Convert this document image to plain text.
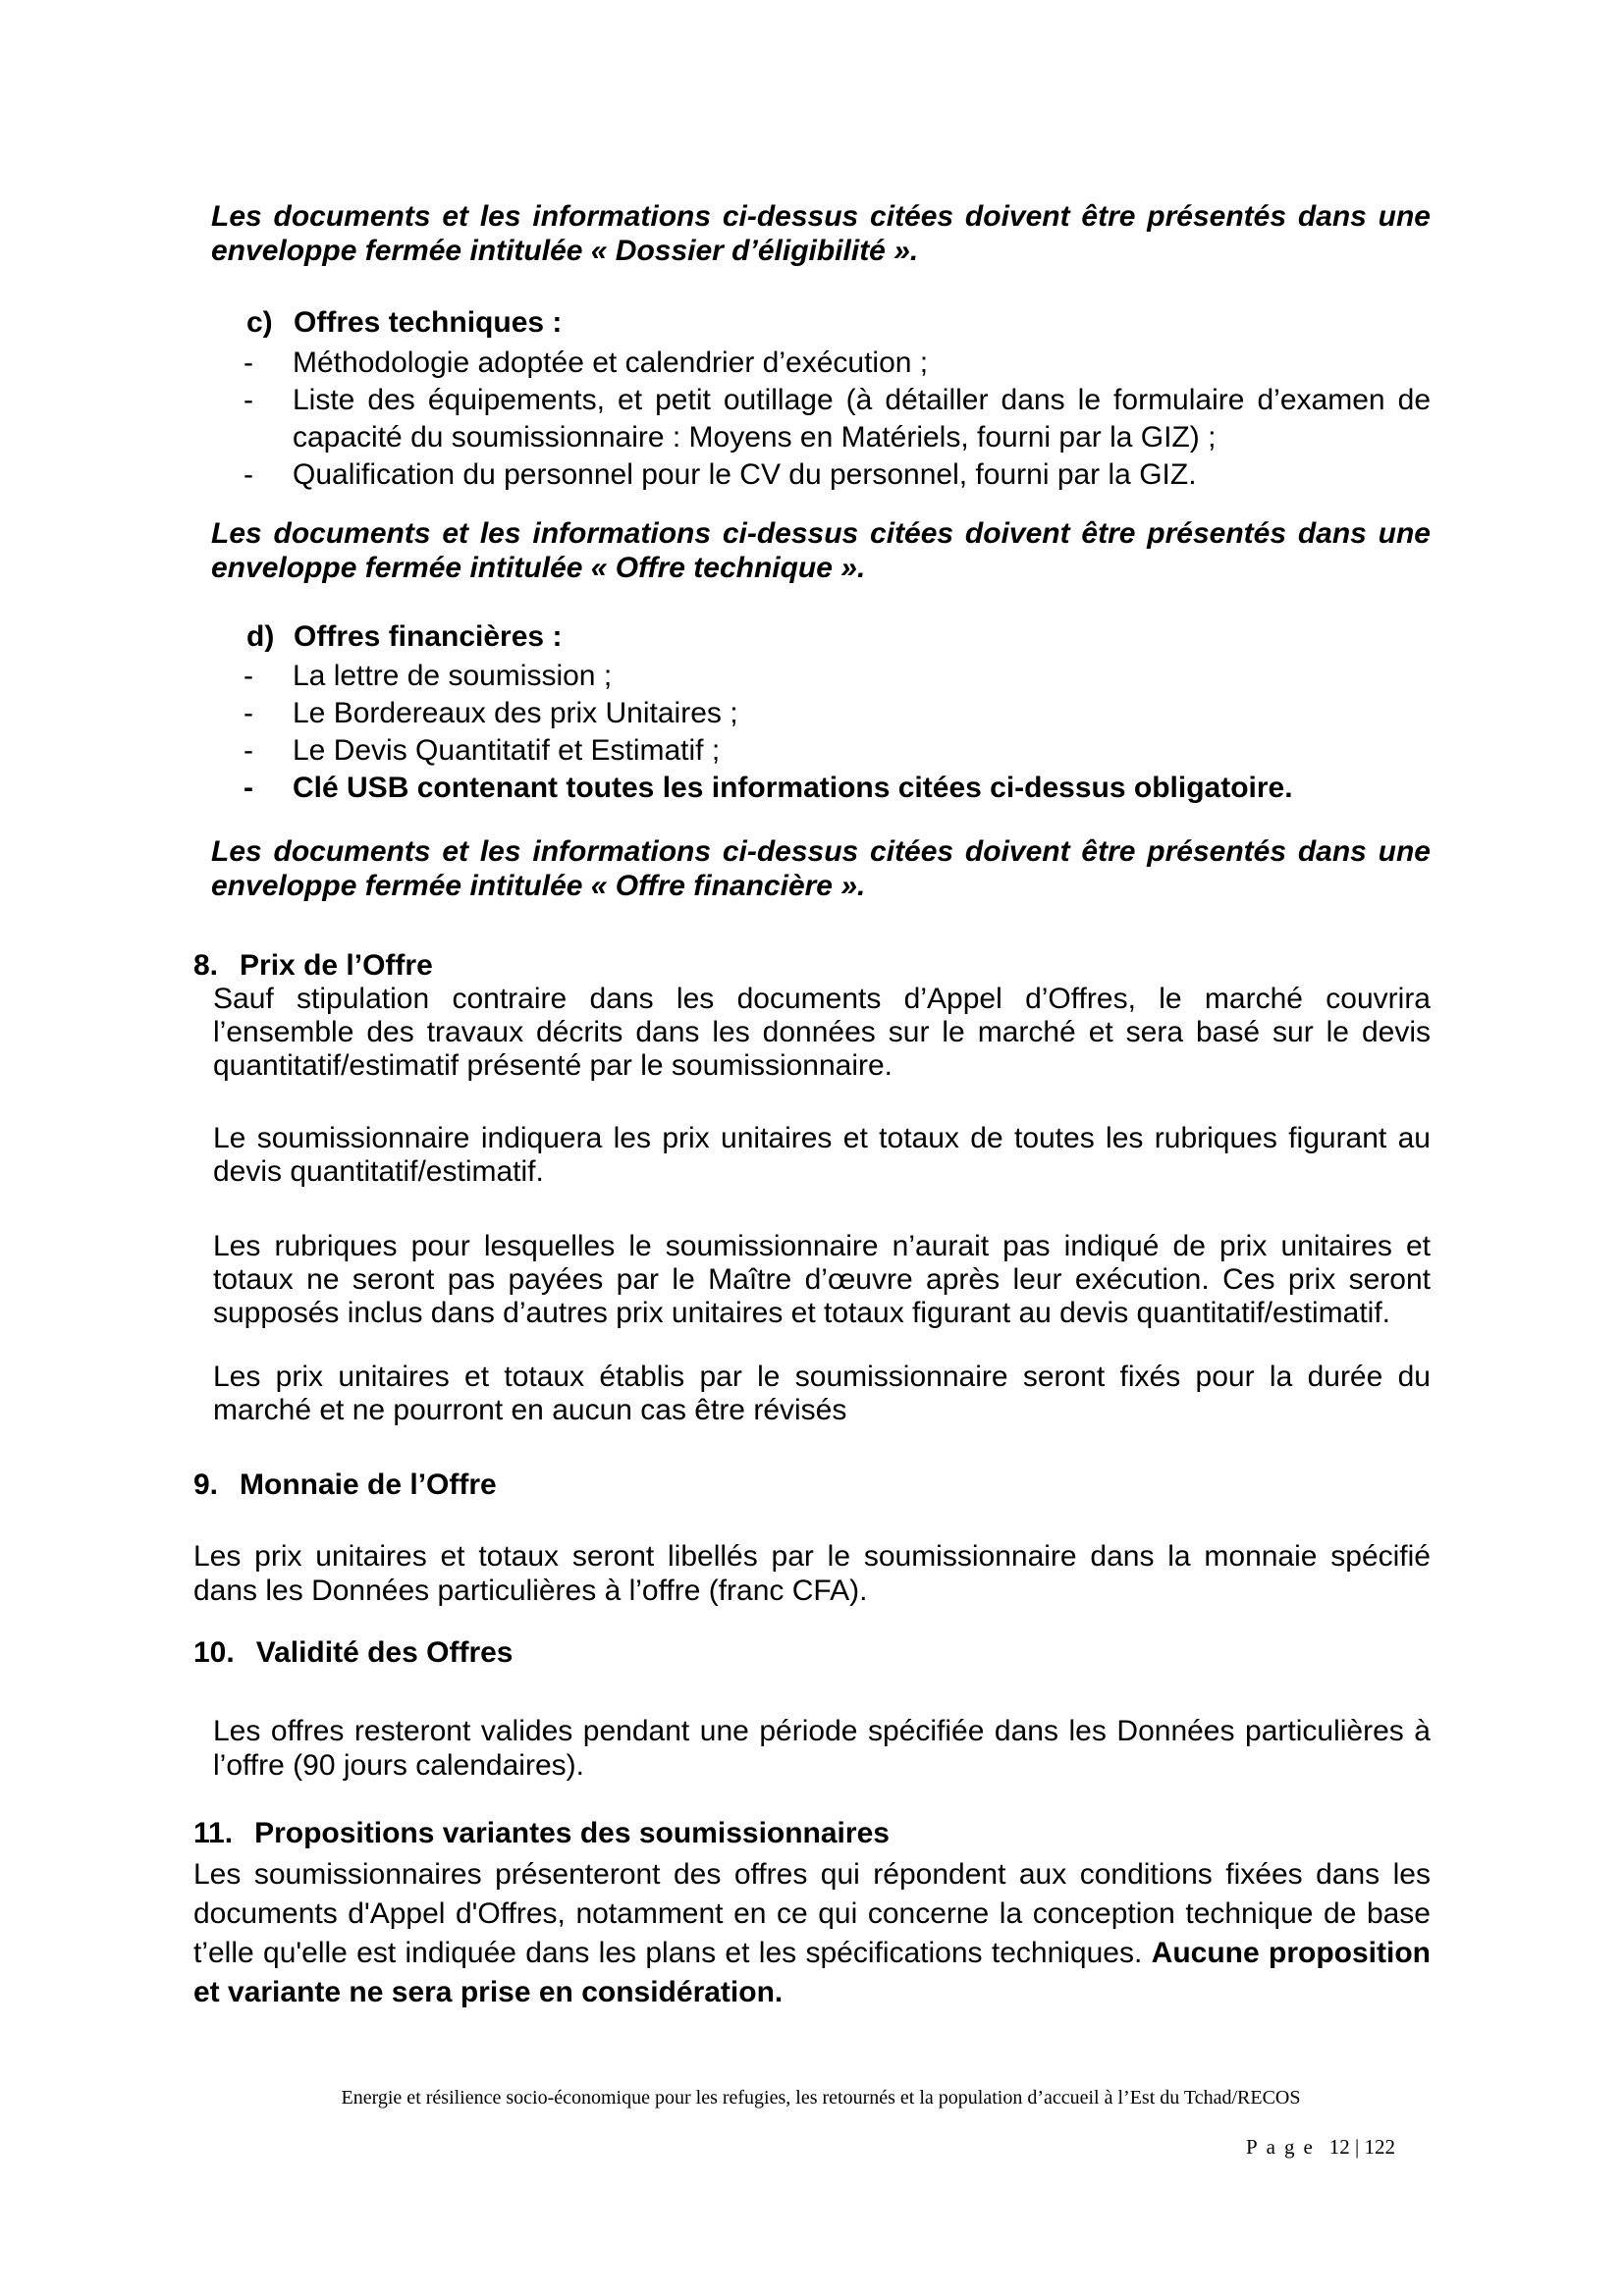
Les documents et les informations ci-dessus citées doivent être présentés dans une enveloppe fermée intitulée « Dossier d’éligibilité ».

c) Offres techniques :
- Méthodologie adoptée et calendrier d’exécution ;
- Liste des équipements, et petit outillage (à détailler dans le formulaire d’examen de capacité du soumissionnaire : Moyens en Matériels, fourni par la GIZ) ;
- Qualification du personnel pour le CV du personnel, fourni par la GIZ.

Les documents et les informations ci-dessus citées doivent être présentés dans une enveloppe fermée intitulée « Offre technique ».

d) Offres financières :
- La lettre de soumission ;
- Le Bordereaux des prix Unitaires ;
- Le Devis Quantitatif et Estimatif ;
- Clé USB contenant toutes les informations citées ci-dessus obligatoire.

Les documents et les informations ci-dessus citées doivent être présentés dans une enveloppe fermée intitulée « Offre financière ».

8. Prix de l’Offre

Sauf stipulation contraire dans les documents d’Appel d’Offres, le marché couvrira l’ensemble des travaux décrits dans les données sur le marché et sera basé sur le devis quantitatif/estimatif présenté par le soumissionnaire.

Le soumissionnaire indiquera les prix unitaires et totaux de toutes les rubriques figurant au devis quantitatif/estimatif.

Les rubriques pour lesquelles le soumissionnaire n’aurait pas indiqué de prix unitaires et totaux ne seront pas payées par le Maître d’œuvre après leur exécution. Ces prix seront supposés inclus dans d’autres prix unitaires et totaux figurant au devis quantitatif/estimatif.

Les prix unitaires et totaux établis par le soumissionnaire seront fixés pour la durée du marché et ne pourront en aucun cas être révisés

9. Monnaie de l’Offre

Les prix unitaires et totaux seront libellés par le soumissionnaire dans la monnaie spécifié dans les Données particulières à l’offre (franc CFA).

10. Validité des Offres

Les offres resteront valides pendant une période spécifiée dans les Données particulières à l’offre (90 jours calendaires).

11. Propositions variantes des soumissionnaires

Les soumissionnaires présenteront des offres qui répondent aux conditions fixées dans les documents d'Appel d'Offres, notamment en ce qui concerne la conception technique de base t’elle qu'elle est indiquée dans les plans et les spécifications techniques. Aucune proposition et variante ne sera prise en considération.

Energie et résilience socio-économique pour les refugies, les retournés et la population d’accueil à l’Est du Tchad/RECOS
Page 12 | 122
